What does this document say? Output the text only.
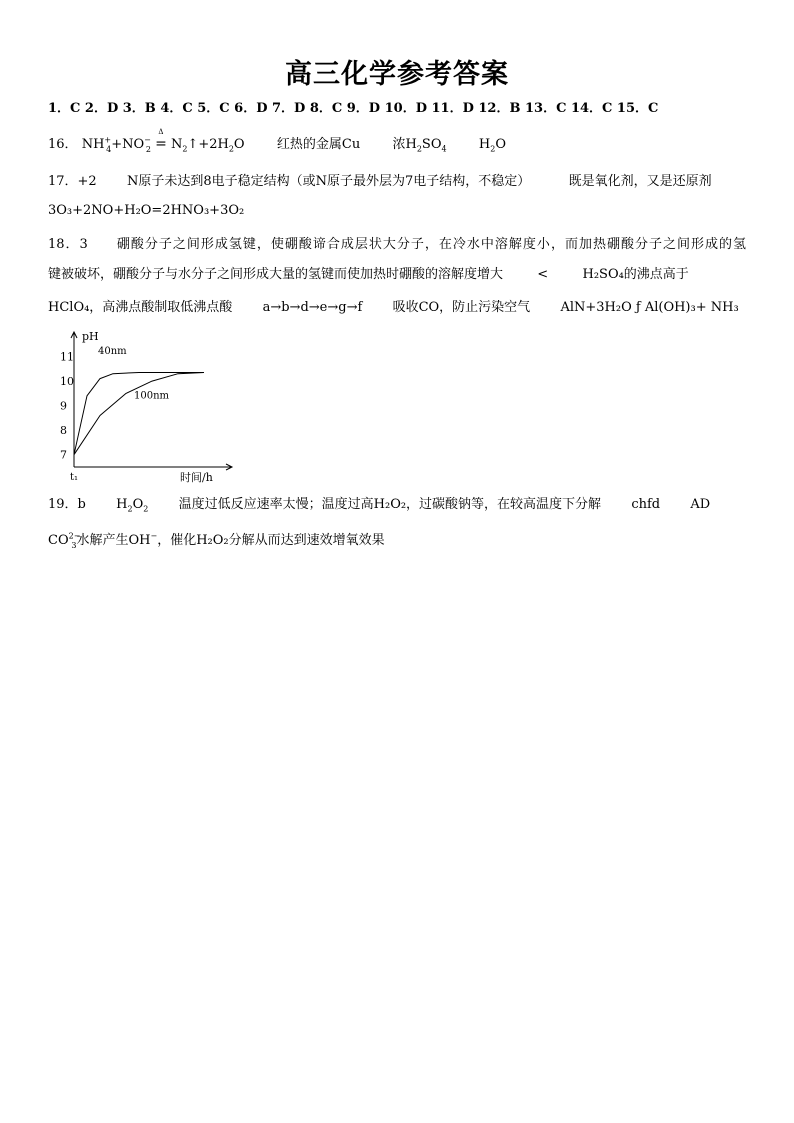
高三化学参考答案
1．C 2．D 3．B 4．C 5．C 6．D 7．D 8．C 9．D 10．D 11．D 12．B 13．C 14．C 15．C
16． $NH^+_4+NO^-_2$
Δ
= $N_2↑+2H_2O$ 红热的金属Cu 浓$H_2SO_4$ $H_2O$
17．+2 N原子未达到8电子稳定结构（或N原子最外层为7电子结构，不稳定）	既是氧化剂，又是还原剂
3O₃+2NO+H₂O=2HNO₃+3O₂
18．3　　硼酸分子之间形成氢键，使硼酸谛合成层状大分子，在冷水中溶解度小，而加热硼酸分子之间形成的氢
键被破坏，硼酸分子与水分子之间形成大量的氢键而使加热时硼酸的溶解度增大	<	H₂SO₄的沸点高于
HClO₄，高沸点酸制取低沸点酸 a→b→d→e→g→f 吸收CO，防止污染空气 AlN+3H₂O ƒ Al(OH)₃+ NH₃
pH
时间/h
t₁
7
8
9
10
11 40nm
100nm
19．b $H_2O_2$ 温度过低反应速率太慢；温度过高H₂O₂，过碳酸钠等，在较高温度下分解 chfd AD
$CO^{2-}_3$水解产生OH−，催化H₂O₂分解从而达到速效增氧效果
